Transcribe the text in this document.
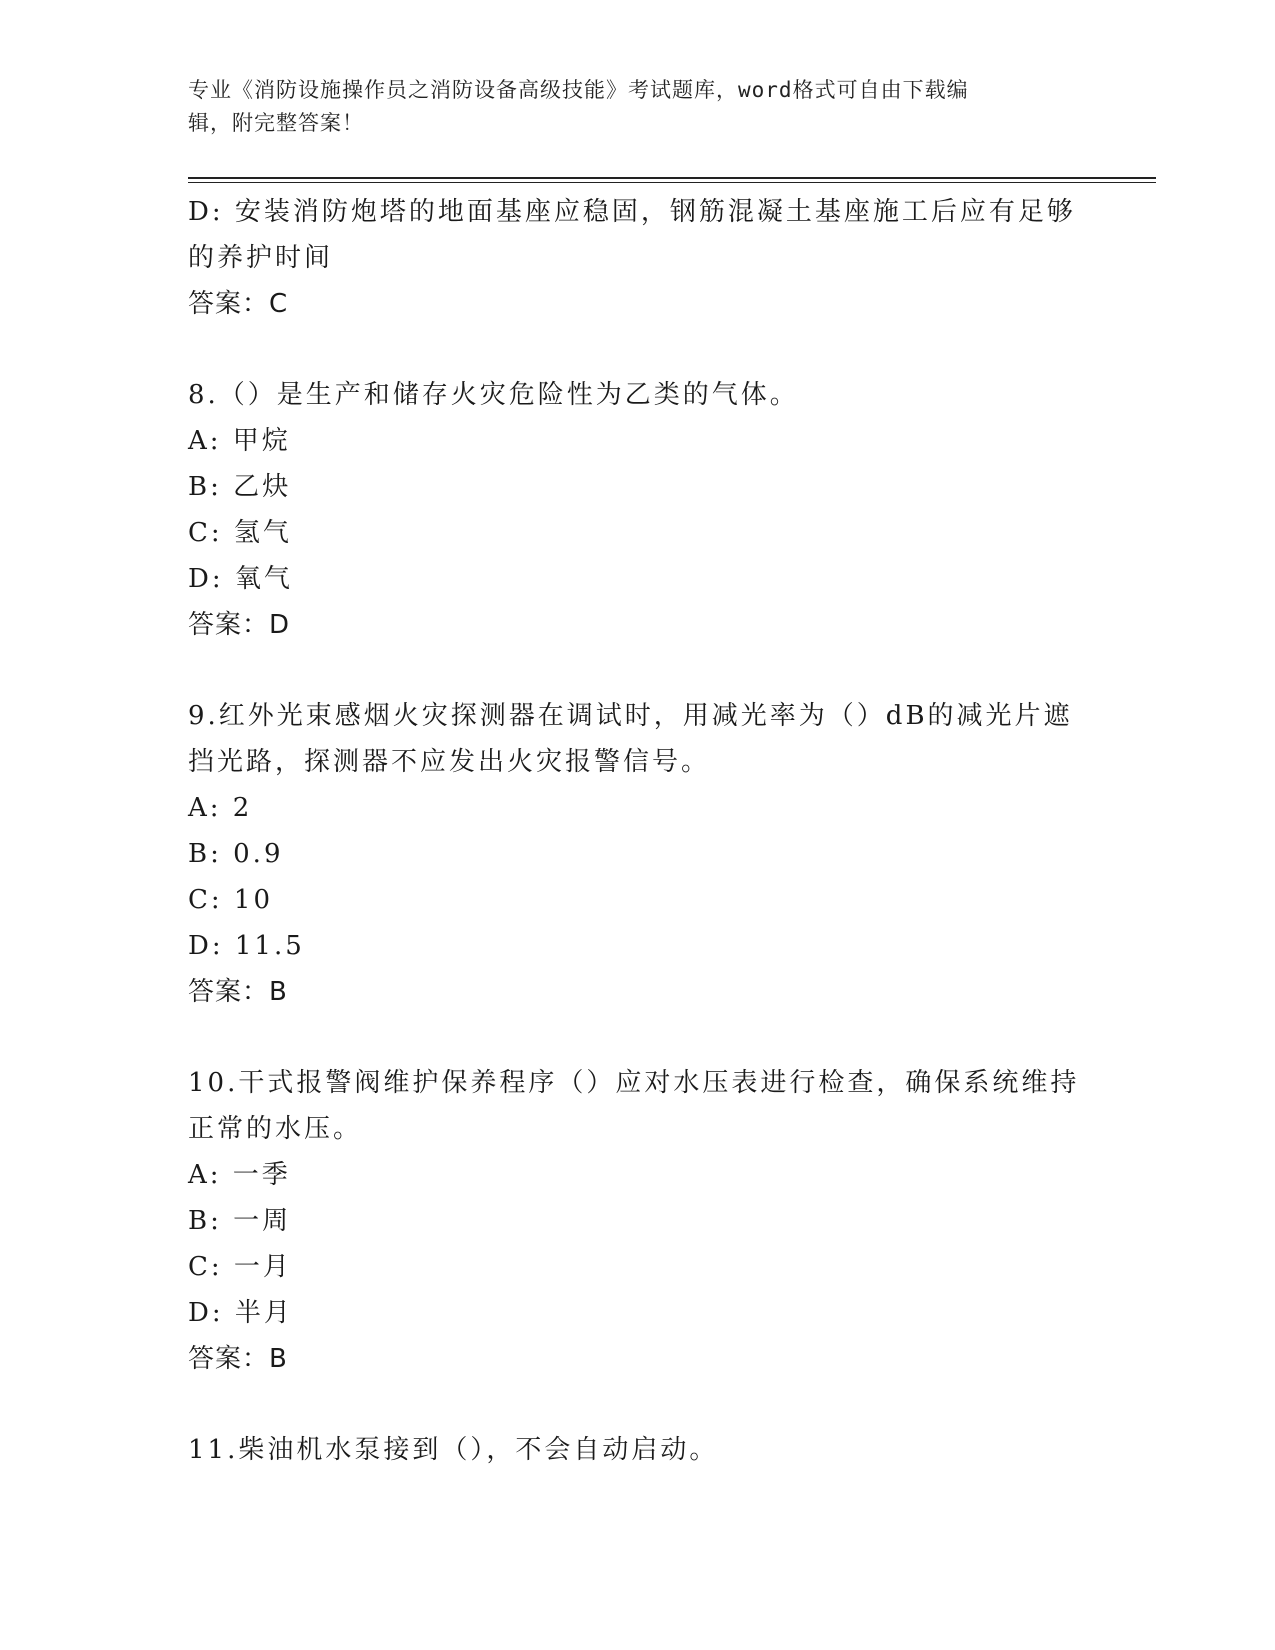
专业《消防设施操作员之消防设备高级技能》考试题库，word格式可自由下载编
辑，附完整答案！
D: 安装消防炮塔的地面基座应稳固，钢筋混凝土基座施工后应有足够
的养护时间
答案：C
8.（）是生产和储存火灾危险性为乙类的气体。
A: 甲烷
B: 乙炔
C: 氢气
D: 氧气
答案：D
9.红外光束感烟火灾探测器在调试时，用减光率为（）dB的减光片遮
挡光路，探测器不应发出火灾报警信号。
A: 2
B: 0.9
C: 10
D: 11.5
答案：B
10.干式报警阀维护保养程序（）应对水压表进行检查，确保系统维持
正常的水压。
A: 一季
B: 一周
C: 一月
D: 半月
答案：B
11.柴油机水泵接到（），不会自动启动。
